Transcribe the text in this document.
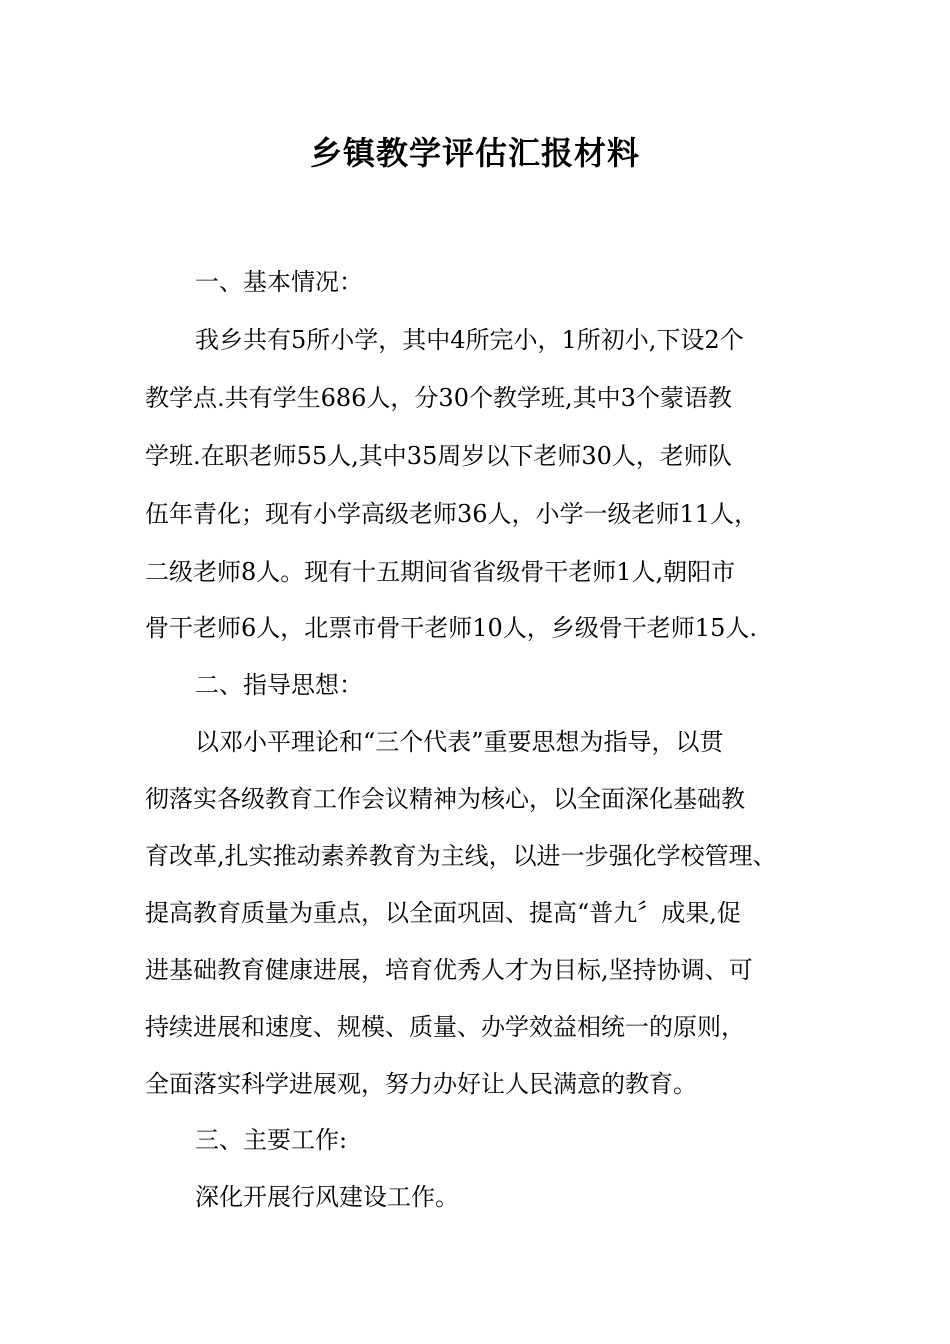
乡镇教学评估汇报材料
一、基本情况：
我乡共有5所小学，其中4所完小，1所初小,下设2个
教学点.共有学生686人，分30个教学班,其中3个蒙语教
学班.在职老师55人,其中35周岁以下老师30人，老师队
伍年青化；现有小学高级老师36人，小学一级老师11人，
二级老师8人。现有十五期间省省级骨干老师1人,朝阳市
骨干老师6人，北票市骨干老师10人，乡级骨干老师15人.
二、指导思想：
以邓小平理论和“三个代表”重要思想为指导，以贯
彻落实各级教育工作会议精神为核心，以全面深化基础教
育改革,扎实推动素养教育为主线，以进一步强化学校管理、
提高教育质量为重点，以全面巩固、提高“普九〞成果,促
进基础教育健康进展，培育优秀人才为目标,坚持协调、可
持续进展和速度、规模、质量、办学效益相统一的原则，
全面落实科学进展观，努力办好让人民满意的教育。
三、主要工作:
深化开展行风建设工作。
